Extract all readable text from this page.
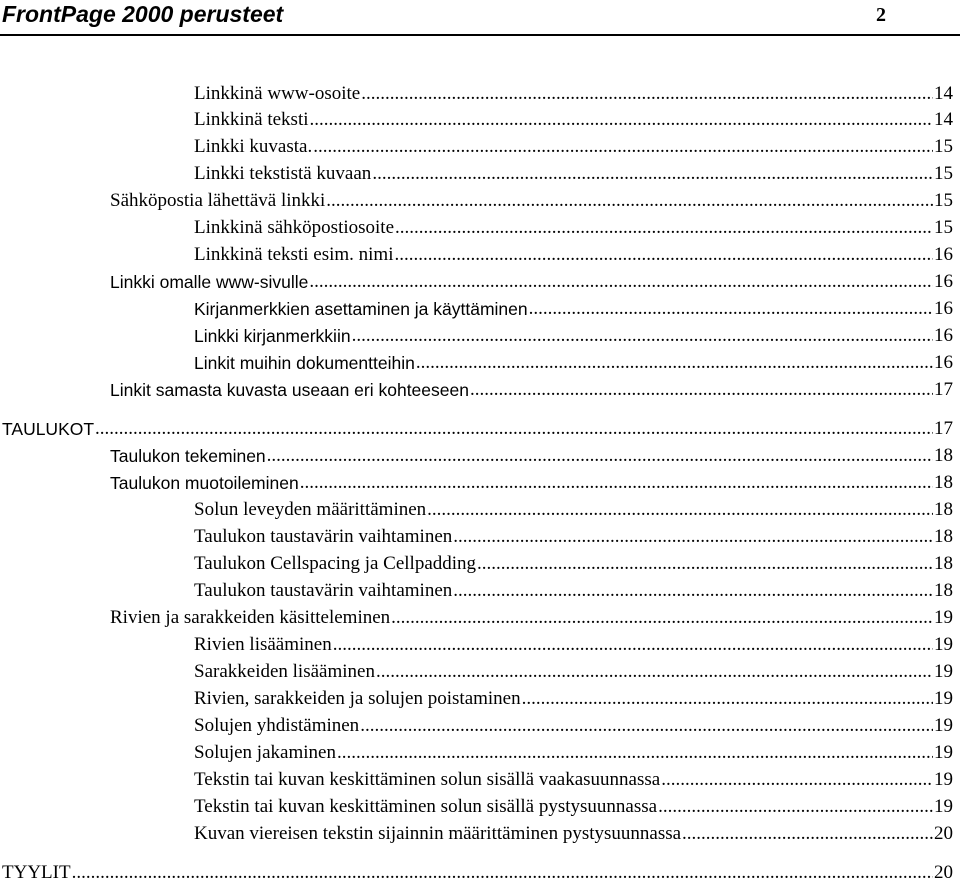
FrontPage 2000 perusteet	2
Linkkinä www-osoite .....	14
Linkkinä teksti .....	14
Linkki kuvasta. .....	15
Linkki tekstistä kuvaan .....	15
Sähköpostia lähettävä linkki .....	15
Linkkinä sähköpostiosoite .....	15
Linkkinä teksti esim. nimi .....	16
Linkki omalle www-sivulle .....	16
Kirjanmerkkien asettaminen ja käyttäminen .....	16
Linkki kirjanmerkkiin .....	16
Linkit muihin dokumentteihin .....	16
Linkit samasta kuvasta useaan eri kohteeseen .....	17
TAULUKOT .....	17
Taulukon tekeminen .....	18
Taulukon muotoileminen .....	18
Solun leveyden määrittäminen .....	18
Taulukon taustavärin vaihtaminen .....	18
Taulukon Cellspacing ja Cellpadding .....	18
Taulukon taustavärin vaihtaminen .....	18
Rivien ja sarakkeiden käsitteleminen .....	19
Rivien lisääminen .....	19
Sarakkeiden lisääminen .....	19
Rivien, sarakkeiden ja solujen poistaminen .....	19
Solujen yhdistäminen .....	19
Solujen jakaminen .....	19
Tekstin tai kuvan keskittäminen solun sisällä vaakasuunnassa .....	19
Tekstin tai kuvan keskittäminen solun sisällä pystysuunnassa .....	19
Kuvan viereisen tekstin sijainnin määrittäminen pystysuunnassa .....	20
TYYLIT .....	20
